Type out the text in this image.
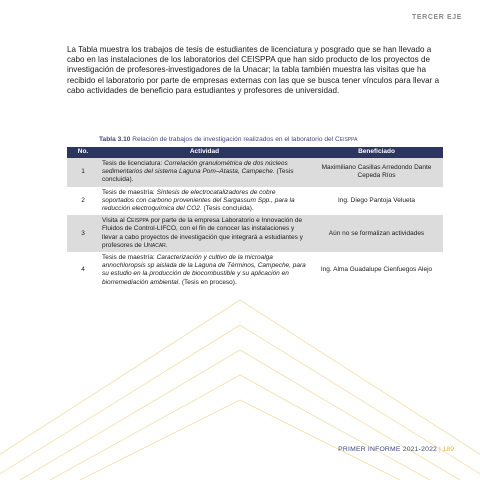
TERCER EJE

La Tabla muestra los trabajos de tesis de estudiantes de licenciatura y posgrado que se han llevado a cabo en las instalaciones de los laboratorios del CEISPPA que han sido producto de los proyectos de investigación de profesores-investigadores de la Unacar; la tabla también muestra las visitas que ha recibido el laboratorio por parte de empresas externas con las que se busca tener vínculos para llevar a cabo actividades de beneficio para estudiantes y profesores de universidad.

Tabla 3.10 Relación de trabajos de investigación realizados en el laboratorio del Ceisppa
No.	Actividad	Beneficiado
1	Tesis de licenciatura: Correlación granulométrica de dos núcleos sedimentarios del sistema Laguna Pom–Atasta, Campeche. (Tesis concluida).	Maximiliano Casillas Arredondo Dante Cepeda Ríos
2	Tesis de maestría: Síntesis de electrocatalizadores de cobre soportados con carbono provenientes del Sargassum Spp., para la reducción electroquímica del CO2. (Tesis concluida).	Ing. Diego Pantoja Velueta
3	Visita al Ceisppa por parte de la empresa Laboratorio e Innovación de Fluidos de Control-LIFCO, con el fin de conocer las instalaciones y llevar a cabo proyectos de investigación que integrará a estudiantes y profesores de Unacar.	Aún no se formalizan actividades
4	Tesis de maestría: Caracterización y cultivo de la microalga annochloropsis sp aislada de la Laguna de Términos, Campeche, para su estudio en la producción de biocombustible y su aplicación en biorremediación ambiental. (Tesis en proceso).	Ing. Alma Guadalupe Cienfuegos Alejo
PRIMER INFORME 2021-2022 | 189
